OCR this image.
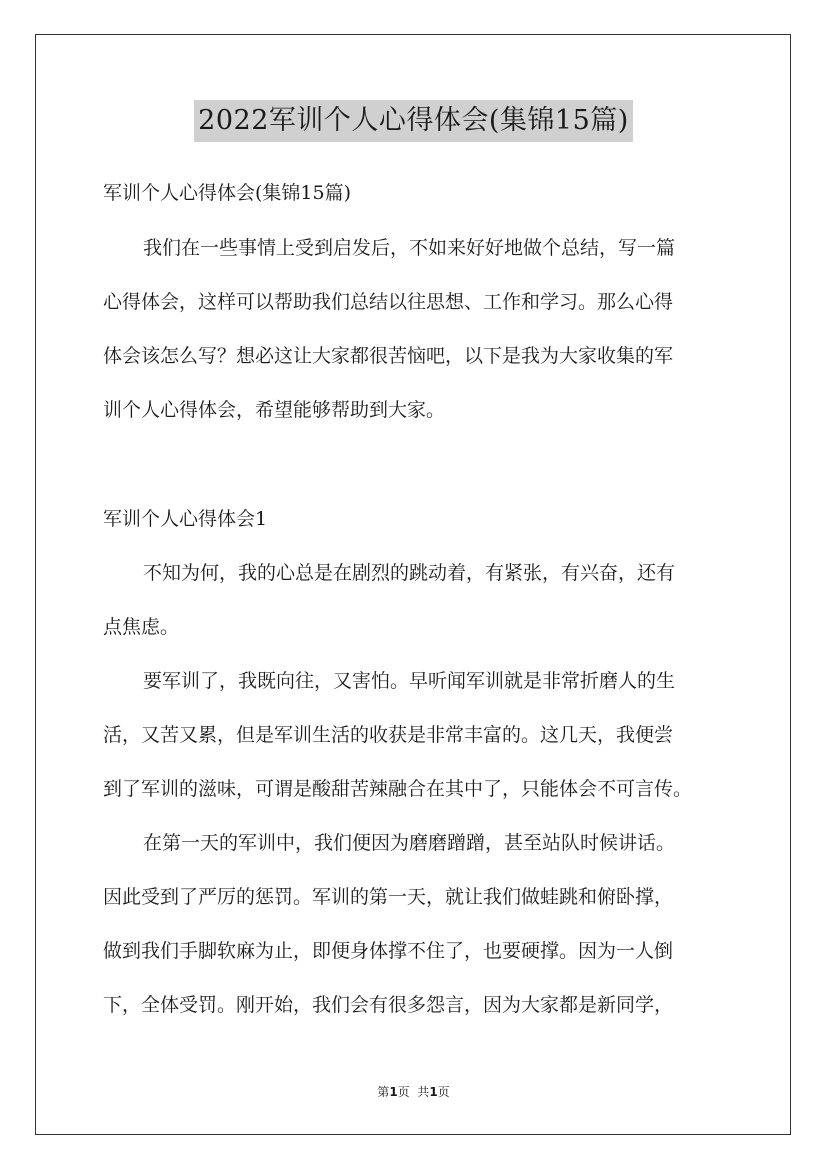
2022军训个人心得体会(集锦15篇)
军训个人心得体会(集锦15篇)
我们在一些事情上受到启发后，不如来好好地做个总结，写一篇
心得体会，这样可以帮助我们总结以往思想、工作和学习。那么心得
体会该怎么写？想必这让大家都很苦恼吧，以下是我为大家收集的军
训个人心得体会，希望能够帮助到大家。
军训个人心得体会1
不知为何，我的心总是在剧烈的跳动着，有紧张，有兴奋，还有
点焦虑。
要军训了，我既向往，又害怕。早听闻军训就是非常折磨人的生
活，又苦又累，但是军训生活的收获是非常丰富的。这几天，我便尝
到了军训的滋味，可谓是酸甜苦辣融合在其中了，只能体会不可言传。
在第一天的军训中，我们便因为磨磨蹭蹭，甚至站队时候讲话。
因此受到了严厉的惩罚。军训的第一天，就让我们做蛙跳和俯卧撑，
做到我们手脚软麻为止，即便身体撑不住了，也要硬撑。因为一人倒
下，全体受罚。刚开始，我们会有很多怨言，因为大家都是新同学，
第1页  共1页
